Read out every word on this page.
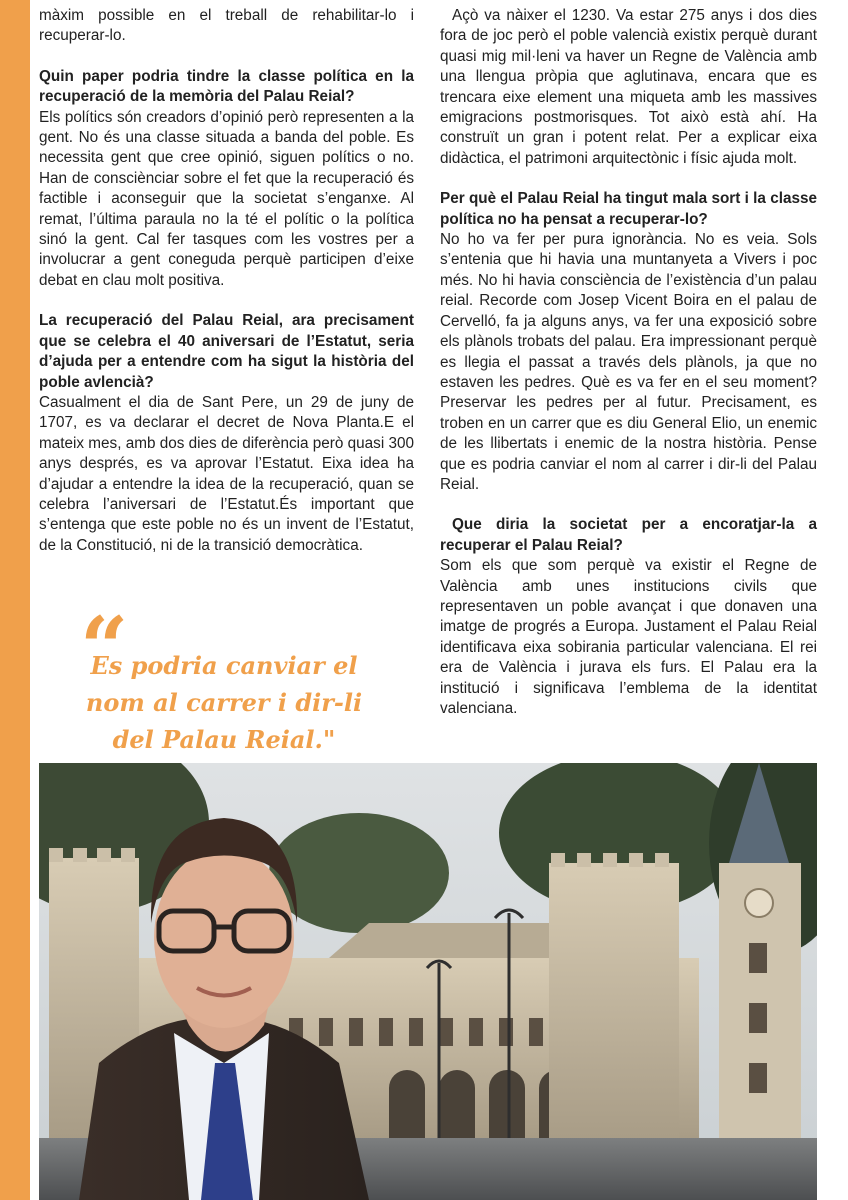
màxim possible en el treball de rehabilitar-lo i recuperar-lo.

Quin paper podria tindre la classe política en la recuperació de la memòria del Palau Reial?

Els polítics són creadors d’opinió però representen a la gent. No és una classe situada a banda del poble. Es necessita gent que cree opinió, siguen polítics o no. Han de consciènciar sobre el fet que la recuperació és factible i aconseguir que la societat s’enganxe. Al remat, l’última paraula no la té el polític o la política sinó la gent. Cal fer tasques com les vostres per a involucrar a gent coneguda perquè participen d’eixe debat en clau molt positiva.

La recuperació del Palau Reial, ara precisament que se celebra el 40 aniversari de l’Estatut, seria d’ajuda per a entendre com ha sigut la història del poble avlencià?

Casualment el dia de Sant Pere, un 29 de juny de 1707, es va declarar el decret de Nova Planta.E el mateix mes, amb dos dies de diferència però quasi 300 anys després, es va aprovar l’Estatut. Eixa idea ha d’ajudar a entendre la idea de la recuperació, quan se celebra l’aniversari de l’Estatut.És important que s’entenga que este poble no és un invent de l’Estatut, de la Constitució, ni de la transició democràtica.

Açò va nàixer el 1230. Va estar 275 anys i dos dies fora de joc però el poble valencià existix perquè durant quasi mig mil·leni va haver un Regne de València amb una llengua pròpia que aglutinava, encara que es trencara eixe element una miqueta amb les massives emigracions postmorisques. Tot això està ahí. Ha construït un gran i potent relat. Per a explicar eixa didàctica, el patrimoni arquitectònic i físic ajuda molt.

Per què el Palau Reial ha tingut mala sort i la classe política no ha pensat a recuperar-lo?

No ho va fer per pura ignorància. No es veia. Sols s’entenia que hi havia una muntanyeta a Vivers i poc més. No hi havia consciència de l’existència d’un palau reial. Recorde com Josep Vicent Boira en el palau de Cervelló, fa ja alguns anys, va fer una exposició sobre els plànols trobats del palau. Era impressionant perquè es llegia el passat a través dels plànols, ja que no estaven les pedres. Què es va fer en el seu moment? Preservar les pedres per al futur. Precisament, es troben en un carrer que es diu General Elio, un enemic de les llibertats i enemic de la nostra història. Pense que es podria canviar el nom al carrer i dir-li del Palau Reial.

Que diria la societat per a encoratjar-la a recuperar el Palau Reial?

Som els que som perquè va existir el Regne de València amb unes institucions civils que representaven un poble avançat i que donaven una imatge de progrés a Europa. Justament el Palau Reial identificava eixa sobirania particular valenciana. El rei era de València i jurava els furs. El Palau era la institució i significava l’emblema de la identitat valenciana.

“
Es podria canviar el nom al carrer i dir-li del Palau Reial."
